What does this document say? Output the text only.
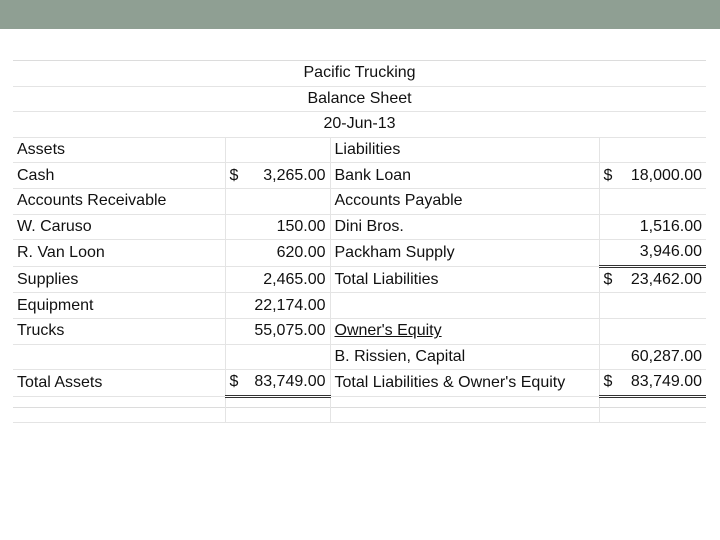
Pacific Trucking			
Balance Sheet			
20-Jun-13			
Assets		Liabilities	
Cash	$ 3,265.00	Bank Loan	$ 18,000.00

Accounts Receivable		Accounts Payable	
W. Caruso	150.00	Dini Bros.	1,516.00
R. Van Loon	620.00	Packham Supply	3,946.00
Supplies	2,465.00	Total Liabilities	$ 23,462.00

Equipment	22,174.00		
Trucks	55,075.00	Owner's Equity	
		B. Rissien, Capital	60,287.00
Total Assets	$ 83,749.00	Total Liabilities & Owner's Equity	$ 83,749.00
